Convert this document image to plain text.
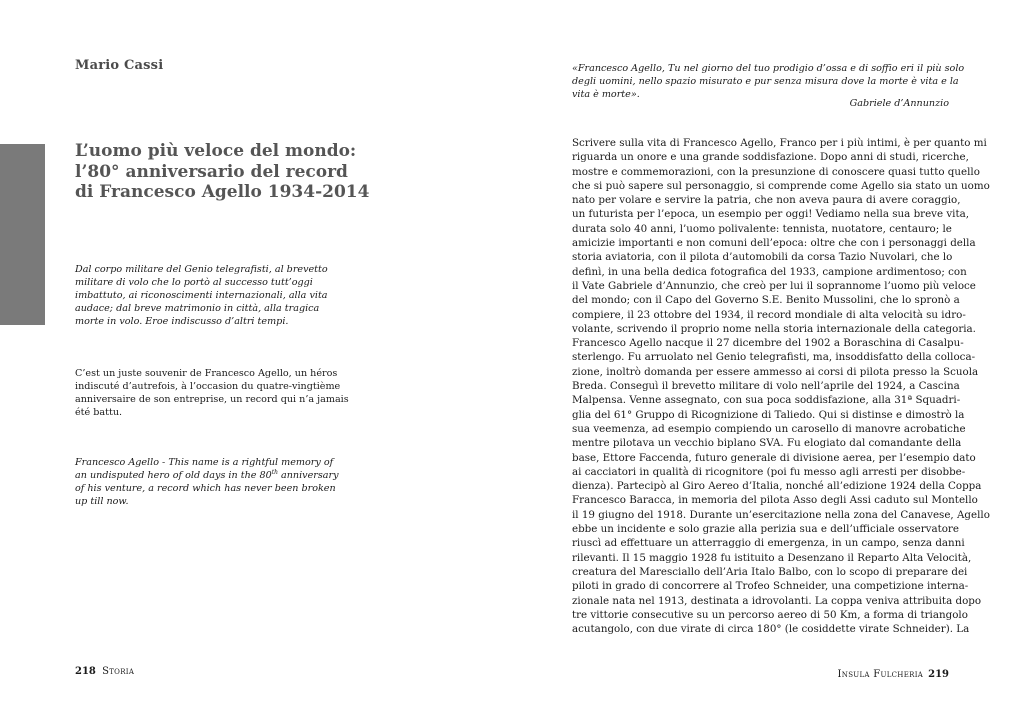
Mario Cassi
L’uomo più veloce del mondo:
l’80° anniversario del record
di Francesco Agello 1934-2014

Dal corpo militare del Genio telegrafisti, al brevetto
militare di volo che lo portò al successo tutt’oggi
imbattuto, ai riconoscimenti internazionali, alla vita
audace; dal breve matrimonio in città, alla tragica
morte in volo. Eroe indiscusso d’altri tempi.

C’est un juste souvenir de Francesco Agello, un héros
indiscuté d’autrefois, à l’occasion du quatre-vingtième
anniversaire de son entreprise, un record qui n’a jamais
été battu.

Francesco Agello - This name is a rightful memory of
an undisputed hero of old days in the 80th anniversary
of his venture, a record which has never been broken
up till now.

218 Storia

«Francesco Agello, Tu nel giorno del tuo prodigio d’ossa e di soffio eri il più solo
degli uomini, nello spazio misurato e pur senza misura dove la morte è vita e la
vita è morte».

Gabriele d’Annunzio

Scrivere sulla vita di Francesco Agello, Franco per i più intimi, è per quanto mi
riguarda un onore e una grande soddisfazione. Dopo anni di studi, ricerche,
mostre e commemorazioni, con la presunzione di conoscere quasi tutto quello
che si può sapere sul personaggio, si comprende come Agello sia stato un uomo
nato per volare e servire la patria, che non aveva paura di avere coraggio,
un futurista per l’epoca, un esempio per oggi! Vediamo nella sua breve vita,
durata solo 40 anni, l’uomo polivalente: tennista, nuotatore, centauro; le
amicizie importanti e non comuni dell’epoca: oltre che con i personaggi della
storia aviatoria, con il pilota d’automobili da corsa Tazio Nuvolari, che lo
definì, in una bella dedica fotografica del 1933, campione ardimentoso; con
il Vate Gabriele d’Annunzio, che creò per lui il soprannome l’uomo più veloce
del mondo; con il Capo del Governo S.E. Benito Mussolini, che lo spronò a
compiere, il 23 ottobre del 1934, il record mondiale di alta velocità su idro-
volante, scrivendo il proprio nome nella storia internazionale della categoria.
Francesco Agello nacque il 27 dicembre del 1902 a Boraschina di Casalpu-
sterlengo. Fu arruolato nel Genio telegrafisti, ma, insoddisfatto della colloca-
zione, inoltrò domanda per essere ammesso ai corsi di pilota presso la Scuola
Breda. Conseguì il brevetto militare di volo nell’aprile del 1924, a Cascina
Malpensa. Venne assegnato, con sua poca soddisfazione, alla 31ª Squadri-
glia del 61° Gruppo di Ricognizione di Taliedo. Qui si distinse e dimostrò la
sua veemenza, ad esempio compiendo un carosello di manovre acrobatiche
mentre pilotava un vecchio biplano SVA. Fu elogiato dal comandante della
base, Ettore Faccenda, futuro generale di divisione aerea, per l’esempio dato
ai cacciatori in qualità di ricognitore (poi fu messo agli arresti per disobbe-
dienza). Partecipò al Giro Aereo d’Italia, nonché all’edizione 1924 della Coppa
Francesco Baracca, in memoria del pilota Asso degli Assi caduto sul Montello
il 19 giugno del 1918. Durante un’esercitazione nella zona del Canavese, Agello
ebbe un incidente e solo grazie alla perizia sua e dell’ufficiale osservatore
riuscì ad effettuare un atterraggio di emergenza, in un campo, senza danni
rilevanti. Il 15 maggio 1928 fu istituito a Desenzano il Reparto Alta Velocità,
creatura del Maresciallo dell’Aria Italo Balbo, con lo scopo di preparare dei
piloti in grado di concorrere al Trofeo Schneider, una competizione interna-
zionale nata nel 1913, destinata a idrovolanti. La coppa veniva attribuita dopo
tre vittorie consecutive su un percorso aereo di 50 Km, a forma di triangolo
acutangolo, con due virate di circa 180° (le cosiddette virate Schneider). La

Insula Fulcheria 219
